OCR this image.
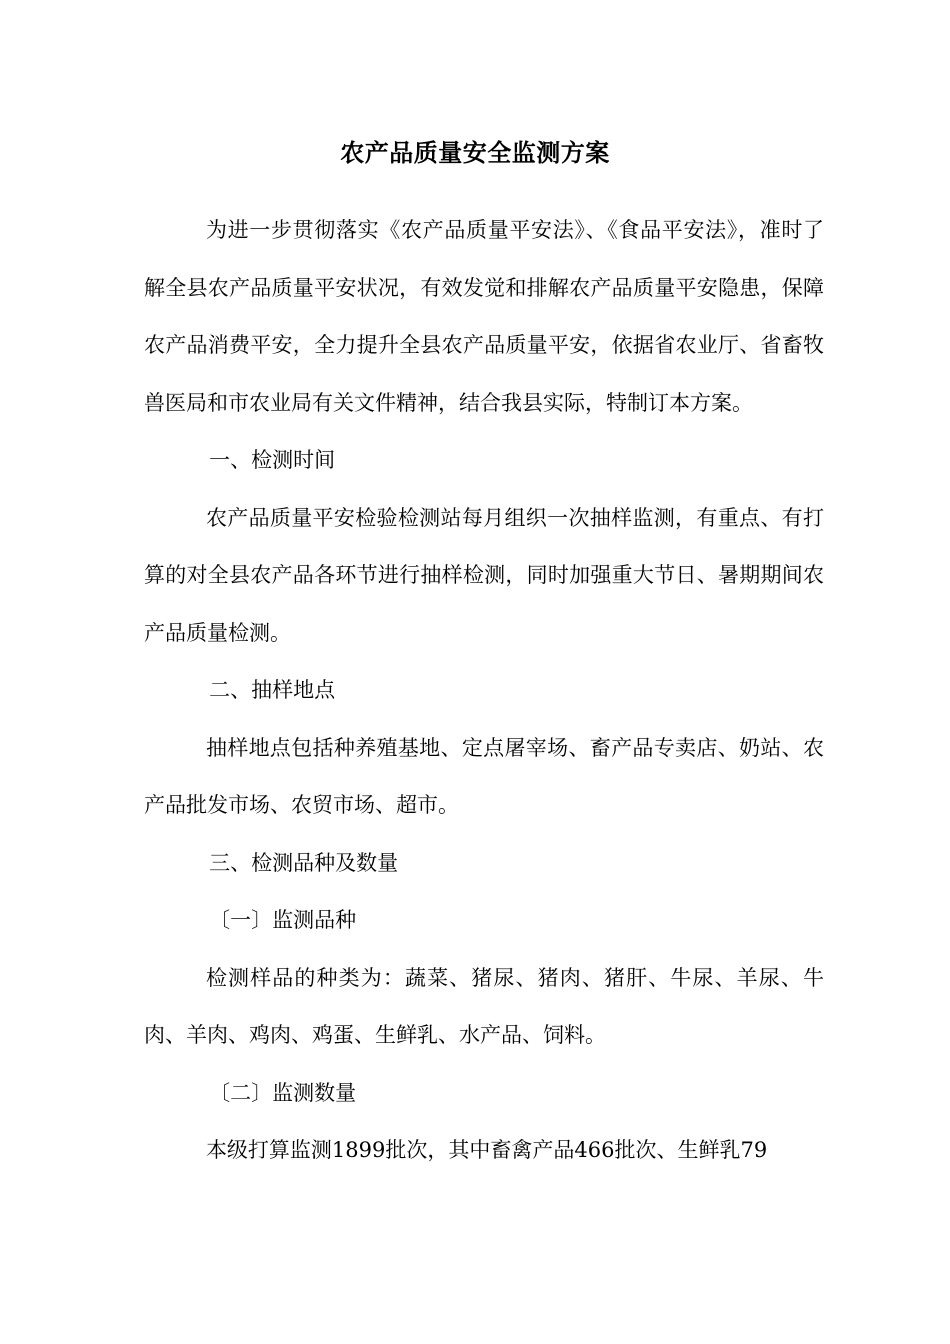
农产品质量安全监测方案

为进一步贯彻落实《农产品质量平安法》、《食品平安法》，准时了解全县农产品质量平安状况，有效发觉和排解农产品质量平安隐患，保障农产品消费平安，全力提升全县农产品质量平安，依据省农业厅、省畜牧兽医局和市农业局有关文件精神，结合我县实际，特制订本方案。

一、检测时间

农产品质量平安检验检测站每月组织一次抽样监测，有重点、有打算的对全县农产品各环节进行抽样检测，同时加强重大节日、暑期期间农产品质量检测。

二、抽样地点

抽样地点包括种养殖基地、定点屠宰场、畜产品专卖店、奶站、农产品批发市场、农贸市场、超市。

三、检测品种及数量

〔一〕监测品种

检测样品的种类为：蔬菜、猪尿、猪肉、猪肝、牛尿、羊尿、牛肉、羊肉、鸡肉、鸡蛋、生鲜乳、水产品、饲料。

〔二〕监测数量

本级打算监测1899批次，其中畜禽产品466批次、生鲜乳79
